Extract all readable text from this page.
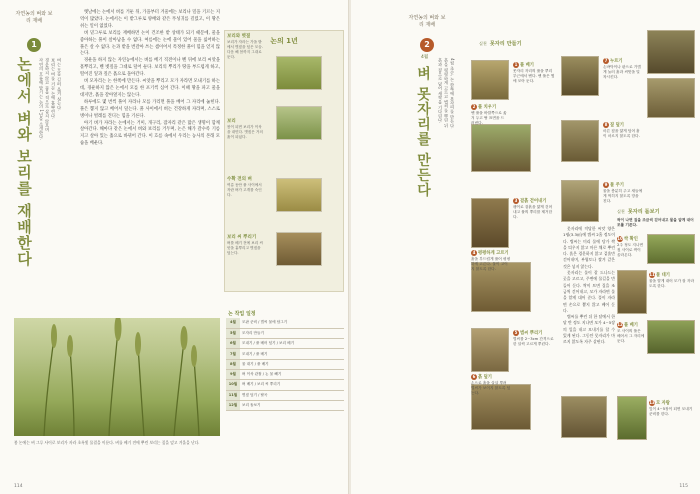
자연농의 벼와 보리 재배
1
논에서 벼와 보리를 재배한다	벼는 모를 길러 옮겨 심는다.
보리는 벼를 거둔 논에 흩뿌린다.
경운하지 않고 풀을 적으로 삼지 않으며
자연의 흐름에 맡기는 논의 1년을 소개한다.

옛날에는 논에서 벼를 거둔 뒤, 가을부터 겨울에는 보리나 밀을 기르는 지역이 많았다. 논에서는 이 밭그루로 양배와 같은 푸성귀를 길렀고, 이 땅은 쉬는 일이 없었다.

벼 밑그루로 보리를 재배하면 논이 건조한 밭 상태가 되기 때문에, 물을 좋아하는 풀이 살아남을 수 없다. 여름에는 논에 물이 있어 물을 싫어하는 풀은 살 수 없다. 논과 밭을 번갈아 쓰는 셈이어서 특정한 풀이 힘을 얻지 않는다.

경운을 하지 않는 자연농에서는 벼를 베기 직전이나 벤 뒤에 보리 씨앗을 흩뿌리고, 벤 볏짚을 그대로 덮어 둔다. 보리의 뿌리가 땅을 부드럽게 하고, 떨어진 잎과 짚은 흙으로 돌아간다.

벼 모자리는 논 한쪽에 만든다. 씨앗을 뿌리고 모가 자라면 모내기를 하는데, 경운하지 않은 논에서 모를 한 포기씩 심어 간다. 이때 땅을 파고 물을 대지만, 흙을 갈아엎지는 않는다.

하루에도 몇 번씩 풀이 자라나 모를 가리면 풀을 베어 그 자리에 눕힌다. 풀은 뽑지 않고 베어서 덮는다. 풀 사이에서 벼는 건강하게 자라며, 스스로 병이나 벌레를 견디는 힘을 기른다.

아기 벼가 자라는 논에서는 거미, 개구리, 잠자리 같은 많은 생명이 함께 살아간다. 해마다 같은 논에서 벼와 보리를 거두며, 논은 해가 갈수록 기름지고 살아 있는 흙으로 바뀌어 간다. 이 흐름 속에서 우리는 농사의 본래 모습을 배운다.

논의 1년
보리와 볏짚
보리가 자라는 가을 밭에서 볏짚을 덮은 모습. 다음 해 봄까지 그대로 둔다.
보리
봄이 되면 보리가 이삭을 내민다. 볏짚은 거의 흙이 되었다.
수확 전의 벼
여름 동안 풀 사이에서 자란 벼가 고개를 숙인다.
보리 씨 뿌리기
벼를 베기 전에 보리 씨앗을 흩뿌리고 볏짚을 덮는다.
논 작업 일정
4월	모판 준비 / 볍씨 물에 담그기
5월	모자리 만들기
6월	모내기 / 풀 베어 덮기 / 보리 베기
7월	모내기 / 풀 베기
8월	물 대기 / 풀 베기
9월	벼 이삭 관찰 / 논 물 빼기
10월	벼 베기 / 보리 씨 뿌리기
11월	볏짚 덮기 / 탈곡
12월	보리 돌보기
봄 논에는 벼 그루 사이로 보리가 자라 초록빛 물결을 이룬다. 벼를 베기 전에 뿌린 보리는 짚을 덮고 겨울을 난다.
114
자연농의 벼와 보리 재배
2
4월
벼 못자리를 만든다	4월 초순, 논 한쪽에 못자리를 만든다.
흙을 평평하게 고르고 볍씨를 뿌린 뒤
흙과 짚으로 덮어 새싹을 기다린다.
실천 못자리 만들기
1 풀 베기
못자리 자리의 풀을 뿌리 부근에서 벤다. 벤 풀은 옆에 모아 둔다.
2 풀 치우기
벤 풀을 바깥쪽으로 옮겨 두고 땅 표면을 드러낸다.
3 겉흙 걷어내기
괭이로 겉흙을 얇게 걷어내고 풀의 뿌리를 제거한다.
4 평평하게 고르기
흙을 부드럽게 풀어 평평하게 고른다. 물이 고이지 않도록 한다.
5 볍씨 뿌리기
볍씨를 2~3cm 간격으로 한 알씩 고르게 뿌린다.
6 흙 덮기
손으로 흙을 살살 뿌려 볍씨가 보이지 않도록 덮는다.

못자리에 적당한 씨앗 양은 1평(3.3㎡)에 볍씨 2홉 정도이다. 볍씨는 미리 물에 담가 싹을 틔우지 않고 마른 채로 뿌린다. 흙은 경운하지 않고 겉흙만 걷어내며, 부엽토나 쌀겨 같은 것은 넣지 않는다.

못자리는 물이 잘 드나드는 곳을 고르고, 주변에 물길을 만들어 둔다. 싹이 트면 짚을 조금씩 걷어내고, 모가 자라면 물을 얕게 대어 준다. 풀이 자라면 손으로 뽑지 않고 베어 둔다.

볍씨를 뿌린 뒤 한 달에서 한 달 반 정도 지나면 모가 4~5장의 잎을 내고 모내기를 할 수 있게 된다. 그동안 못자리가 마르지 않도록 자주 살핀다.

7 누르기
손바닥이나 판으로 가볍게 눌러 흙과 씨앗을 밀착시킨다.
8 짚 덮기
마른 짚을 얇게 덮어 흙이 마르지 않도록 한다.
9 물 주기
물을 충분히 주고 새들에게 먹히지 않도록 망을 친다.
실천 못자리 돌보기
싹이 나면 짚을 조금씩 걷어내고 물을 얕게 대어 모를 기른다.
10싹 확인
2주 정도 지나면 짚 사이로 싹이 올라온다.
11물 대기
물을 얕게 대어 모가 잘 자라도록 한다.
12풀 베기
모 사이의 풀은 베어서 그 자리에 둔다.
13모 자람
잎이 4~5장이 되면 모내기 준비를 한다.
115
